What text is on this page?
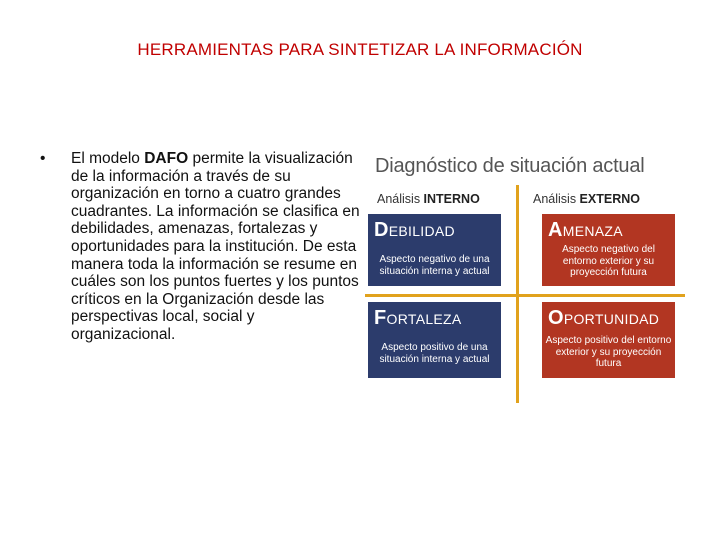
HERRAMIENTAS PARA SINTETIZAR LA INFORMACIÓN
• El modelo DAFO permite la visualización de la información a través de su organización en torno a cuatro grandes cuadrantes. La información se clasifica en debilidades, amenazas, fortalezas y oportunidades para la institución. De esta manera toda la información se resume en cuáles son los puntos fuertes y los puntos críticos en la Organización desde las perspectivas local, social y organizacional.
Diagnóstico de situación actual
Análisis INTERNO	Análisis EXTERNO
DEBILIDAD
Aspecto negativo de una situación interna y actual
AMENAZA
Aspecto negativo del entorno exterior y su proyección futura
FORTALEZA
Aspecto positivo de una situación interna y actual
OPORTUNIDAD
Aspecto positivo del entorno exterior y su proyección futura
